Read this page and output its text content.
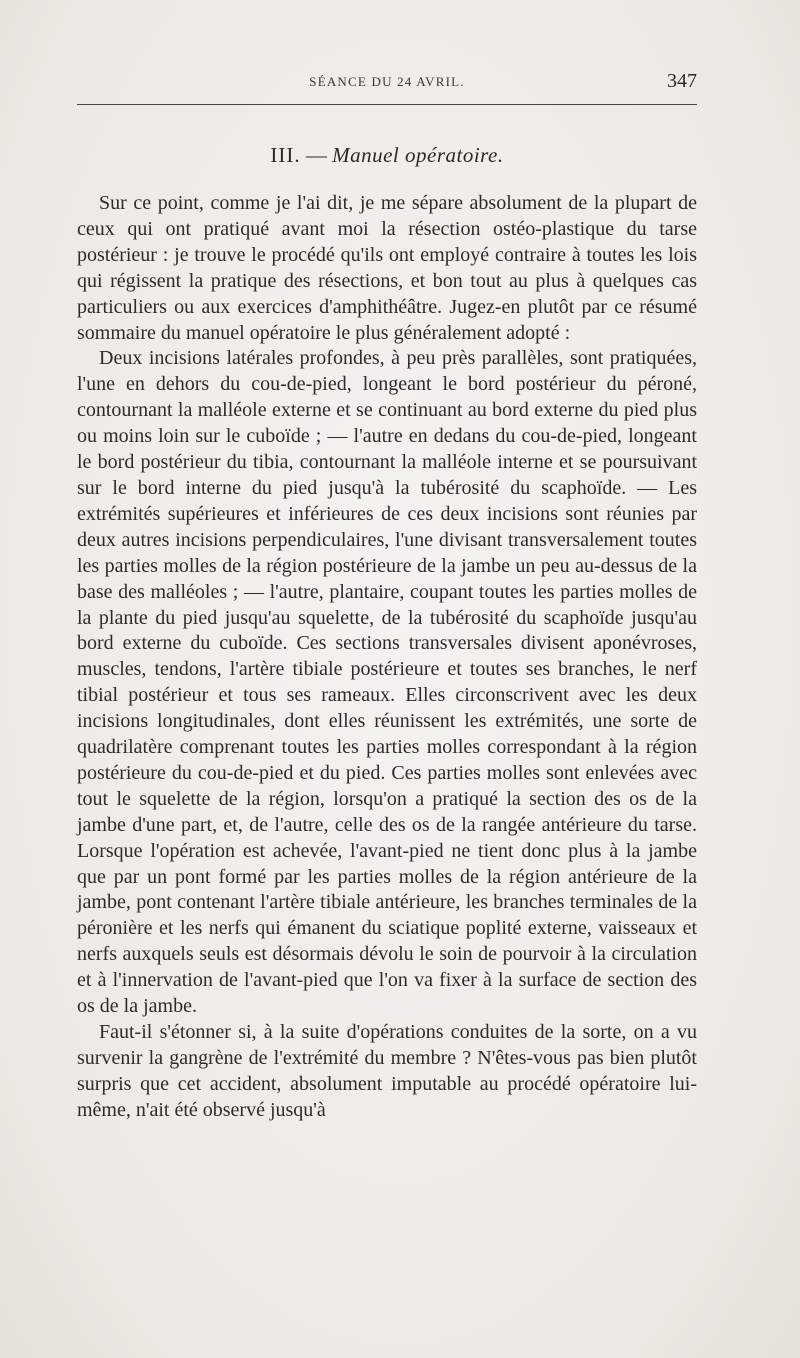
SÉANCE DU 24 AVRIL.	347
III. — Manuel opératoire.

Sur ce point, comme je l'ai dit, je me sépare absolument de la plupart de ceux qui ont pratiqué avant moi la résection ostéo-plastique du tarse postérieur : je trouve le procédé qu'ils ont employé contraire à toutes les lois qui régissent la pratique des résections, et bon tout au plus à quelques cas particuliers ou aux exercices d'amphithéâtre. Jugez-en plutôt par ce résumé sommaire du manuel opératoire le plus généralement adopté :

Deux incisions latérales profondes, à peu près parallèles, sont pratiquées, l'une en dehors du cou-de-pied, longeant le bord postérieur du péroné, contournant la malléole externe et se continuant au bord externe du pied plus ou moins loin sur le cuboïde ; — l'autre en dedans du cou-de-pied, longeant le bord postérieur du tibia, contournant la malléole interne et se poursuivant sur le bord interne du pied jusqu'à la tubérosité du scaphoïde. — Les extrémités supérieures et inférieures de ces deux incisions sont réunies par deux autres incisions perpendiculaires, l'une divisant transversalement toutes les parties molles de la région postérieure de la jambe un peu au-dessus de la base des malléoles ; — l'autre, plantaire, coupant toutes les parties molles de la plante du pied jusqu'au squelette, de la tubérosité du scaphoïde jusqu'au bord externe du cuboïde. Ces sections transversales divisent aponévroses, muscles, tendons, l'artère tibiale postérieure et toutes ses branches, le nerf tibial postérieur et tous ses rameaux. Elles circonscrivent avec les deux incisions longitudinales, dont elles réunissent les extrémités, une sorte de quadrilatère comprenant toutes les parties molles correspondant à la région postérieure du cou-de-pied et du pied. Ces parties molles sont enlevées avec tout le squelette de la région, lorsqu'on a pratiqué la section des os de la jambe d'une part, et, de l'autre, celle des os de la rangée antérieure du tarse. Lorsque l'opération est achevée, l'avant-pied ne tient donc plus à la jambe que par un pont formé par les parties molles de la région antérieure de la jambe, pont contenant l'artère tibiale antérieure, les branches terminales de la péronière et les nerfs qui émanent du sciatique poplité externe, vaisseaux et nerfs auxquels seuls est désormais dévolu le soin de pourvoir à la circulation et à l'innervation de l'avant-pied que l'on va fixer à la surface de section des os de la jambe.

Faut-il s'étonner si, à la suite d'opérations conduites de la sorte, on a vu survenir la gangrène de l'extrémité du membre ? N'êtes-vous pas bien plutôt surpris que cet accident, absolument imputable au procédé opératoire lui-même, n'ait été observé jusqu'à
